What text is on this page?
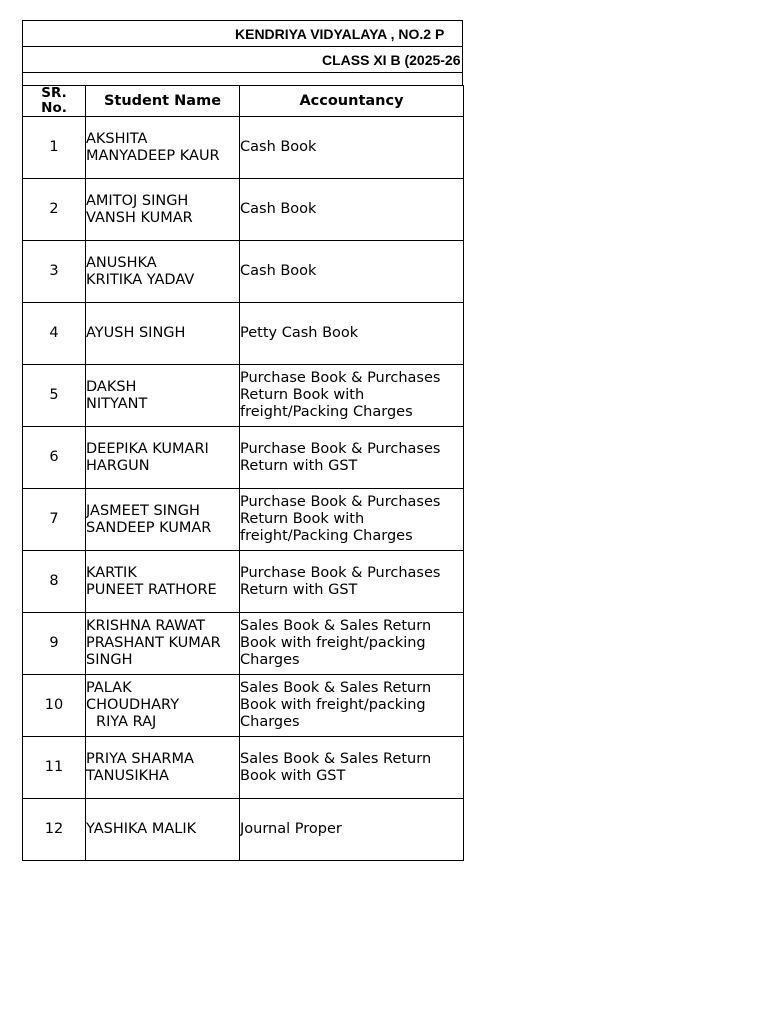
KENDRIYA VIDYALAYA , NO.2 P
CLASS XI B (2025-26
SR.
No.	Student Name	Accountancy
1	AKSHITA
MANYADEEP KAUR	Cash Book

2	AMITOJ SINGH
VANSH KUMAR	Cash Book

3	ANUSHKA
KRITIKA YADAV	Cash Book

4	AYUSH SINGH	Petty Cash Book

5	DAKSH
NITYANT	Purchase Book & Purchases
Return Book with
freight/Packing Charges

6	DEEPIKA KUMARI
HARGUN	Purchase Book & Purchases
Return with GST

7	JASMEET SINGH
SANDEEP KUMAR	Purchase Book & Purchases
Return Book with
freight/Packing Charges

8	KARTIK
PUNEET RATHORE	Purchase Book & Purchases
Return with GST

9	KRISHNA RAWAT
PRASHANT KUMAR
SINGH	Sales Book & Sales Return
Book with freight/packing
Charges

10	PALAK
CHOUDHARY
RIYA RAJ	Sales Book & Sales Return
Book with freight/packing
Charges

11	PRIYA SHARMA
TANUSIKHA	Sales Book & Sales Return
Book with GST

12	YASHIKA MALIK	Journal Proper
